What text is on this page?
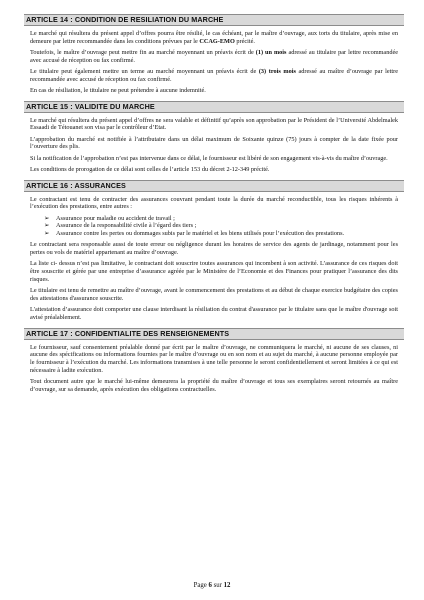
ARTICLE 14 : CONDITION DE RESILIATION DU MARCHE

Le marché qui résultera du présent appel d’offres pourra être résilié, le cas échéant, par le maître d’ouvrage, aux torts du titulaire, après mise en demeure par lettre recommandée dans les conditions prévues par le CCAG-EMO précité.

Toutefois, le maître d’ouvrage peut mettre fin au marché moyennant un préavis écrit de (1) un mois adressé au titulaire par lettre recommandée avec accusé de réception ou fax confirmé.

Le titulaire peut également mettre un terme au marché moyennant un préavis écrit de (3) trois mois adressé au maître d’ouvrage par lettre recommandée avec accusé de réception ou fax confirmé.

En cas de résiliation, le titulaire ne peut prétendre à aucune indemnité.

ARTICLE 15 : VALIDITE DU MARCHE

Le marché qui résultera du présent appel d’offres ne sera valable et définitif qu’après son approbation par le Président de l’Université Abdelmalek Essaadi de Tétouanet son visa par le contrôleur d’Etat.

L’approbation du marché est notifiée à l’attributaire dans un délai maximum de Soixante quinze (75) jours à compter de la date fixée pour l’ouverture des plis.

Si la notification de l’approbation n’est pas intervenue dans ce délai, le fournisseur est libéré de son engagement vis-à-vis du maître d’ouvrage.

Les conditions de prorogation de ce délai sont celles de l’article 153 du décret 2-12-349 précité.

ARTICLE 16 : ASSURANCES

Le contractant est tenu de contracter des assurances couvrant pendant toute la durée du marché reconductible, tous les risques inhérents à l’exécution des prestations, entre autres :

➢ Assurance pour maladie ou accident de travail ;
➢ Assurance de la responsabilité civile à l’égard des tiers ;
➢ Assurance contre les pertes ou dommages subis par le matériel et les biens utilisés pour l’exécution des prestations.

Le contractant sera responsable aussi de toute erreur ou négligence durant les horaires de service des agents de jardinage, notamment pour les pertes ou vols de matériel appartenant au maître d’ouvrage.

La liste ci- dessus n’est pas limitative, le contractant doit souscrire toutes assurances qui incombent à son activité. L’assurance de ces risques doit être souscrite et gérée par une entreprise d’assurance agréée par le Ministère de l’Economie et des Finances pour pratiquer l’assurance des dits risques.

Le titulaire est tenu de remettre au maître d’ouvrage, avant le commencement des prestations et au début de chaque exercice budgétaire des copies des attestations d'assurance souscrite.

L'attestation d’assurance doit comporter une clause interdisant la résiliation du contrat d'assurance par le titulaire sans que le maître d'ouvrage soit avisé préalablement.

ARTICLE 17 : CONFIDENTIALITE DES RENSEIGNEMENTS

Le fournisseur, sauf consentement préalable donné par écrit par le maître d’ouvrage, ne communiquera le marché, ni aucune de ses clauses, ni aucune des spécifications ou informations fournies par le maître d’ouvrage ou en son nom et au sujet du marché, à aucune personne employée par le fournisseur à l’exécution du marché. Les informations transmises à une telle personne le seront confidentiellement et seront limitées à ce qui est nécessaire à ladite exécution.

Tout document autre que le marché lui-même demeurera la propriété du maître d’ouvrage et tous ses exemplaires seront retournés au maître d’ouvrage, sur sa demande, après exécution des obligations contractuelles.

Page 6 sur 12
